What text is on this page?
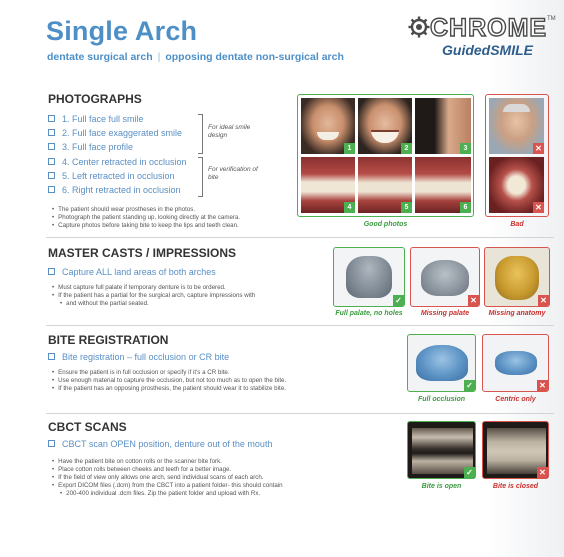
Single Arch
dentate surgical arch | opposing dentate non-surgical arch
CHROME TM
GuidedSMILE
PHOTOGRAPHS
1. Full face full smile
2. Full face exaggerated smile
3. Full face profile
4. Center retracted in occlusion
5. Left retracted in occlusion
6. Right retracted in occlusion
For ideal smile design
For verification of bite
• The patient should wear prostheses in the photos.
• Photograph the patient standing up, looking directly at the camera.
• Capture photos before taking bite to keep the lips and teeth clean.
1	2	3
4	5	6
Good photos
✕
✕
Bad
MASTER CASTS / IMPRESSIONS
Capture ALL land areas of both arches
• Must capture full palate if temporary denture is to be ordered.
• If the patient has a partial for the surgical arch, capture impressions with
• and without the partial seated.	✓
Full palate, no holes
✕
Missing palate
✕
Missing anatomy
BITE REGISTRATION
Bite registration – full occlusion or CR bite
• Ensure the patient is in full occlusion or specify if it's a CR bite.
• Use enough material to capture the occlusion, but not too much as to open the bite.
• If the patient has an opposing prosthesis, the patient should wear it to stabilize bite.	✓
Full occlusion
✕
Centric only
CBCT SCANS
CBCT scan OPEN position, denture out of the mouth
• Have the patient bite on cotton rolls or the scanner bite fork.
• Place cotton rolls between cheeks and teeth for a better image.
• If the field of view only allows one arch, send individual scans of each arch.
• Export DICOM files (.dcm) from the CBCT into a patient folder- this should contain
• 200-400 individual .dcm files. Zip the patient folder and upload with Rx.
✓
Bite is open
✕
Bite is closed
